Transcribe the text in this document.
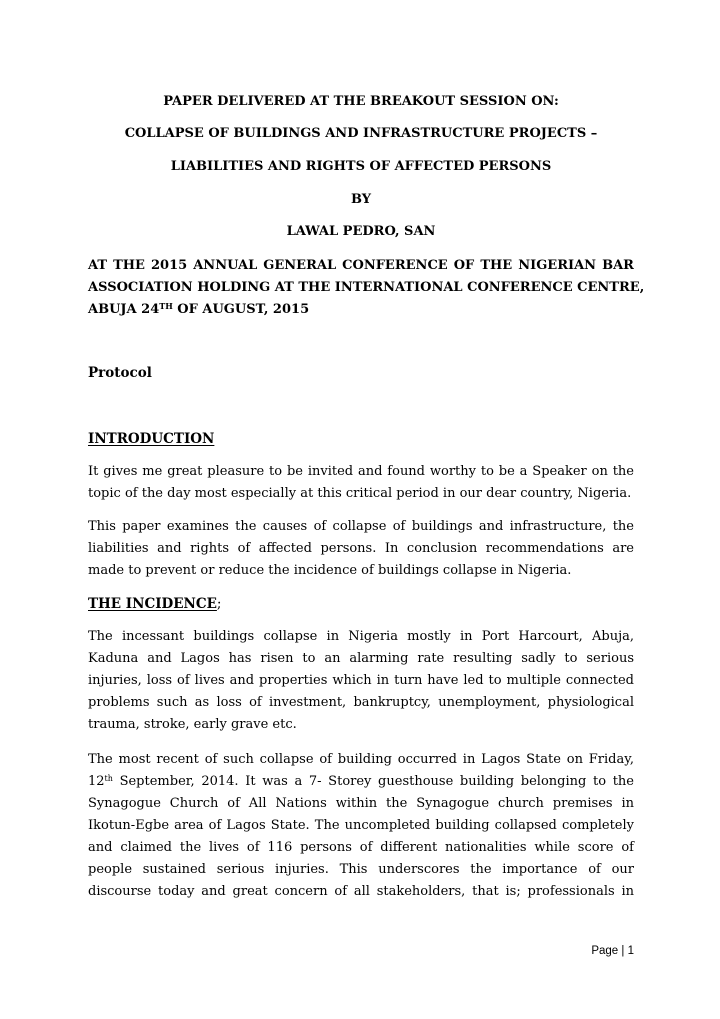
PAPER DELIVERED AT THE BREAKOUT SESSION ON:
COLLAPSE OF BUILDINGS AND INFRASTRUCTURE PROJECTS –
LIABILITIES AND RIGHTS OF AFFECTED PERSONS
BY
LAWAL PEDRO, SAN
AT THE 2015 ANNUAL GENERAL CONFERENCE OF THE NIGERIAN BAR
ASSOCIATION HOLDING AT THE INTERNATIONAL CONFERENCE CENTRE,
ABUJA 24TH OF AUGUST, 2015
Protocol
INTRODUCTION
It gives me great pleasure to be invited and found worthy to be a Speaker on the
topic of the day most especially at this critical period in our dear country, Nigeria.
This paper examines the causes of collapse of buildings and infrastructure, the
liabilities and rights of affected persons. In conclusion recommendations are
made to prevent or reduce the incidence of buildings collapse in Nigeria.
THE INCIDENCE;
The incessant buildings collapse in Nigeria mostly in Port Harcourt, Abuja,
Kaduna and Lagos has risen to an alarming rate resulting sadly to serious
injuries, loss of lives and properties which in turn have led to multiple connected
problems such as loss of investment, bankruptcy, unemployment, physiological
trauma, stroke, early grave etc.
The most recent of such collapse of building occurred in Lagos State on Friday,
12th September, 2014. It was a 7- Storey guesthouse building belonging to the
Synagogue Church of All Nations within the Synagogue church premises in
Ikotun-Egbe area of Lagos State. The uncompleted building collapsed completely
and claimed the lives of 116 persons of different nationalities while score of
people sustained serious injuries. This underscores the importance of our
discourse today and great concern of all stakeholders, that is; professionals in
Page | 1
